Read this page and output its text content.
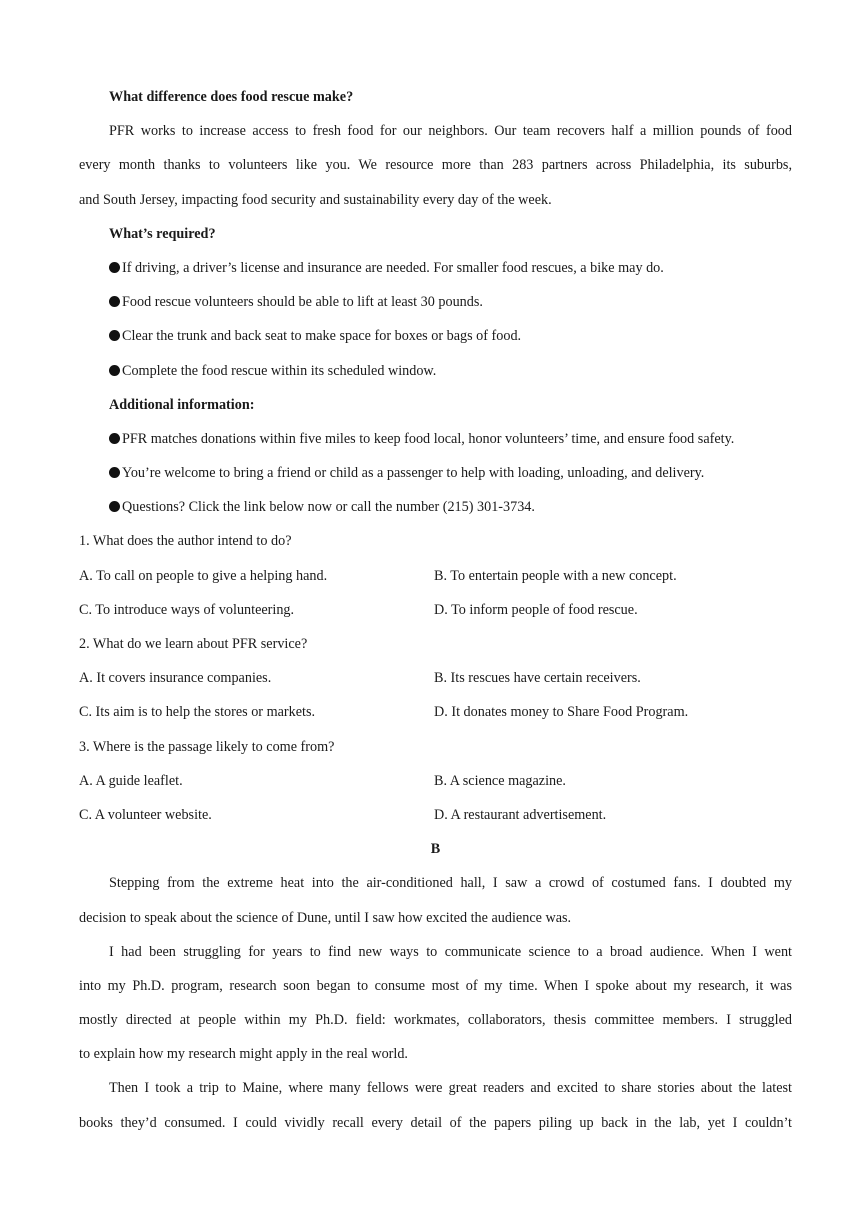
What difference does food rescue make?
PFR works to increase access to fresh food for our neighbors. Our team recovers half a million pounds of food
every month thanks to volunteers like you. We resource more than 283 partners across Philadelphia, its suburbs,
and South Jersey, impacting food security and sustainability every day of the week.
What’s required?
If driving, a driver’s license and insurance are needed. For smaller food rescues, a bike may do.
Food rescue volunteers should be able to lift at least 30 pounds.
Clear the trunk and back seat to make space for boxes or bags of food.
Complete the food rescue within its scheduled window.
Additional information:
PFR matches donations within five miles to keep food local, honor volunteers’ time, and ensure food safety.
You’re welcome to bring a friend or child as a passenger to help with loading, unloading, and delivery.
Questions? Click the link below now or call the number (215) 301-3734.
1. What does the author intend to do?
A. To call on people to give a helping hand.	B. To entertain people with a new concept.
C. To introduce ways of volunteering.	D. To inform people of food rescue.
2. What do we learn about PFR service?
A. It covers insurance companies.	B. Its rescues have certain receivers.
C. Its aim is to help the stores or markets.	D. It donates money to Share Food Program.
3. Where is the passage likely to come from?
A. A guide leaflet.	B. A science magazine.
C. A volunteer website.	D. A restaurant advertisement.
B
Stepping from the extreme heat into the air-conditioned hall, I saw a crowd of costumed fans. I doubted my
decision to speak about the science of Dune, until I saw how excited the audience was.
I had been struggling for years to find new ways to communicate science to a broad audience. When I went
into my Ph.D. program, research soon began to consume most of my time. When I spoke about my research, it was
mostly directed at people within my Ph.D. field: workmates, collaborators, thesis committee members. I struggled
to explain how my research might apply in the real world.
Then I took a trip to Maine, where many fellows were great readers and excited to share stories about the latest
books they’d consumed. I could vividly recall every detail of the papers piling up back in the lab, yet I couldn’t
